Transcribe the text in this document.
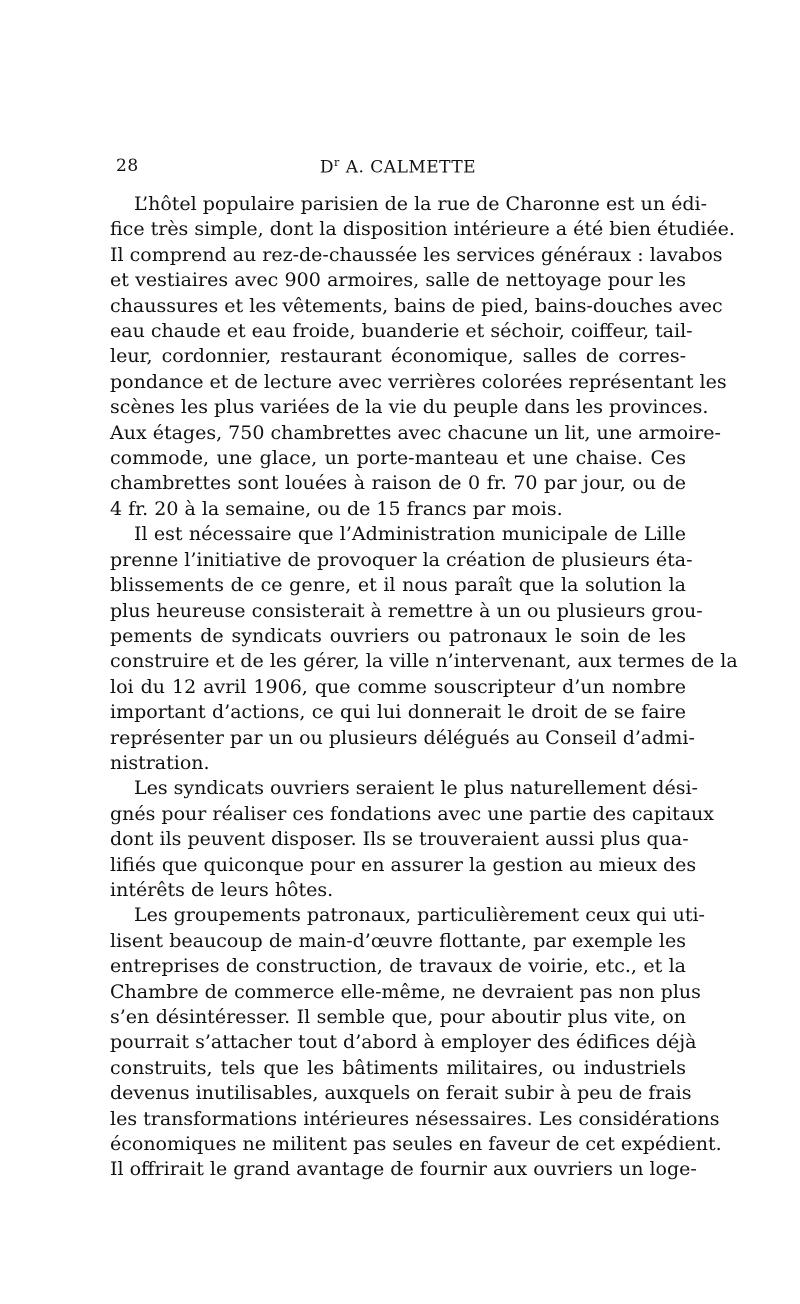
28	$D^r$ A. CALMETTE
L’hôtel populaire parisien de la rue de Charonne est un édi-
fice très simple, dont la disposition intérieure a été bien étudiée.
Il comprend au rez-de-chaussée les services généraux : lavabos
et vestiaires avec 900 armoires, salle de nettoyage pour les
chaussures et les vêtements, bains de pied, bains-douches avec
eau chaude et eau froide, buanderie et séchoir, coiffeur, tail-
leur, cordonnier, restaurant économique, salles de corres-
pondance et de lecture avec verrières colorées représentant les
scènes les plus variées de la vie du peuple dans les provinces.
Aux étages, 750 chambrettes avec chacune un lit, une armoire-
commode, une glace, un porte-manteau et une chaise. Ces
chambrettes sont louées à raison de 0 fr. 70 par jour, ou de
4 fr. 20 à la semaine, ou de 15 francs par mois.
Il est nécessaire que l’Administration municipale de Lille
prenne l’initiative de provoquer la création de plusieurs éta-
blissements de ce genre, et il nous paraît que la solution la
plus heureuse consisterait à remettre à un ou plusieurs grou-
pements de syndicats ouvriers ou patronaux le soin de les
construire et de les gérer, la ville n’intervenant, aux termes de la
loi du 12 avril 1906, que comme souscripteur d’un nombre
important d’actions, ce qui lui donnerait le droit de se faire
représenter par un ou plusieurs délégués au Conseil d’admi-
nistration.
Les syndicats ouvriers seraient le plus naturellement dési-
gnés pour réaliser ces fondations avec une partie des capitaux
dont ils peuvent disposer. Ils se trouveraient aussi plus qua-
lifiés que quiconque pour en assurer la gestion au mieux des
intérêts de leurs hôtes.
Les groupements patronaux, particulièrement ceux qui uti-
lisent beaucoup de main-d’œuvre flottante, par exemple les
entreprises de construction, de travaux de voirie, etc., et la
Chambre de commerce elle-même, ne devraient pas non plus
s’en désintéresser. Il semble que, pour aboutir plus vite, on
pourrait s’attacher tout d’abord à employer des édifices déjà
construits, tels que les bâtiments militaires, ou industriels
devenus inutilisables, auxquels on ferait subir à peu de frais
les transformations intérieures nésessaires. Les considérations
économiques ne militent pas seules en faveur de cet expédient.
Il offrirait le grand avantage de fournir aux ouvriers un loge-
